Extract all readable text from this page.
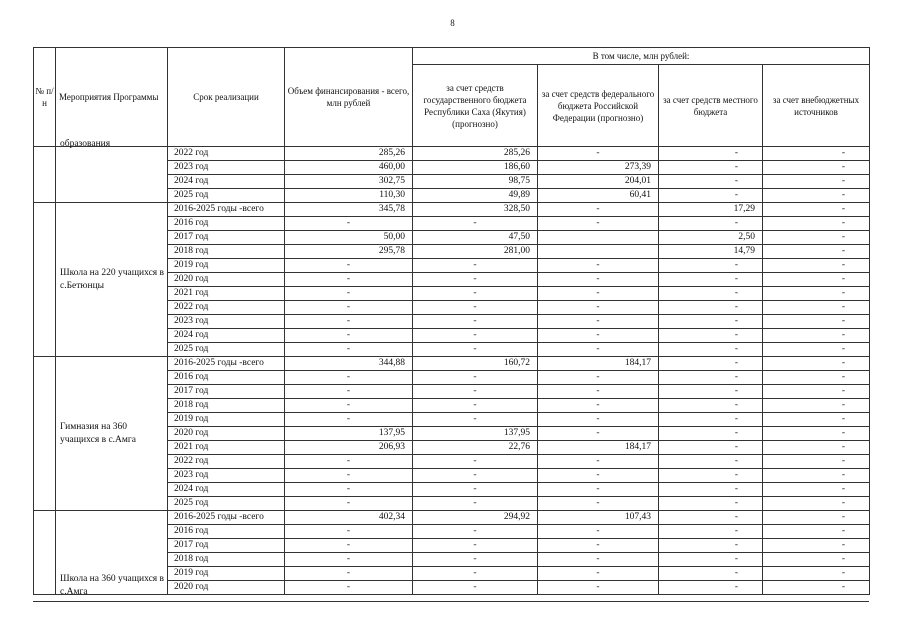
8
№ п/н	Мероприятия Программы	Срок реализации	Объем финансирования - всего, млн рублей	В том числе, млн рублей:			
				за счет средств государственного бюджета Республики Саха (Якутия) (прогнозно)	за счет средств федерального бюджета Российской Федерации (прогнозно)	за счет средств местного бюджета	за счет внебюджетных источников

	образования	2022 год	285,26	285,26	-	-	-
		2023 год	460,00	186,60	273,39	-	-
		2024 год	302,75	98,75	204,01	-	-
		2025 год	110,30	49,89	60,41	-	-
	Школа на 220 учащихся в с.Бетюнцы	2016-2025 годы -всего	345,78	328,50	-	17,29	-
		2016 год	-	-	-	-	-
		2017 год	50,00	47,50		2,50	-
		2018 год	295,78	281,00		14,79	-
		2019 год	-	-	-	-	-
		2020 год	-	-	-	-	-
		2021 год	-	-	-	-	-
		2022 год	-	-	-	-	-
		2023 год	-	-	-	-	-
		2024 год	-	-	-	-	-
		2025 год	-	-	-	-	-
	Гимназия на 360 учащихся в с.Амга	2016-2025 годы -всего	344,88	160,72	184,17	-	-
		2016 год	-	-	-	-	-
		2017 год	-	-	-	-	-
		2018 год	-	-	-	-	-
		2019 год	-	-	-	-	-
		2020 год	137,95	137,95	-	-	-
		2021 год	206,93	22,76	184,17	-	-
		2022 год	-	-	-	-	-
		2023 год	-	-	-	-	-
		2024 год	-	-	-	-	-
		2025 год	-	-	-	-	-

	Школа на 360 учащихся в с.Амга	2016-2025 годы -всего	402,34	294,92	107,43	-	-
		2016 год	-	-	-	-	-
		2017 год	-	-	-	-	-
		2018 год	-	-	-	-	-
		2019 год	-	-	-	-	-
		2020 год	-	-	-	-	-
